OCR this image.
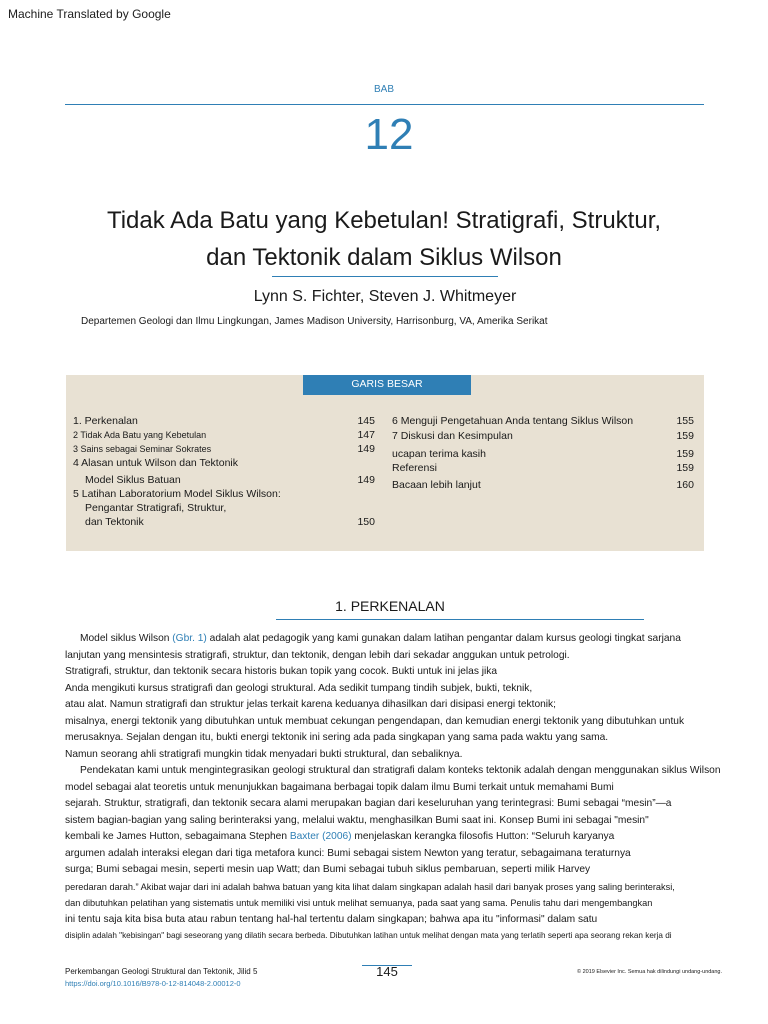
Machine Translated by Google
BAB
12
Tidak Ada Batu yang Kebetulan! Stratigrafi, Struktur,
dan Tektonik dalam Siklus Wilson
Lynn S. Fichter, Steven J. Whitmeyer
Departemen Geologi dan Ilmu Lingkungan, James Madison University, Harrisonburg, VA, Amerika Serikat
GARIS BESAR
1. Perkenalan	145
2 Tidak Ada Batu yang Kebetulan	147
3 Sains sebagai Seminar Sokrates	149
4 Alasan untuk Wilson dan Tektonik
Model Siklus Batuan	149
5 Latihan Laboratorium Model Siklus Wilson:
Pengantar Stratigrafi, Struktur,
dan Tektonik	150
6 Menguji Pengetahuan Anda tentang Siklus Wilson	155
7 Diskusi dan Kesimpulan	159
ucapan terima kasih	159
Referensi	159
Bacaan lebih lanjut	160
1. PERKENALAN
Model siklus Wilson (Gbr. 1) adalah alat pedagogik yang kami gunakan dalam latihan pengantar dalam kursus geologi tingkat sarjana
lanjutan yang mensintesis stratigrafi, struktur, dan tektonik, dengan lebih dari sekadar anggukan untuk petrologi.
Stratigrafi, struktur, dan tektonik secara historis bukan topik yang cocok. Bukti untuk ini jelas jika
Anda mengikuti kursus stratigrafi dan geologi struktural. Ada sedikit tumpang tindih subjek, bukti, teknik,
atau alat. Namun stratigrafi dan struktur jelas terkait karena keduanya dihasilkan dari disipasi energi tektonik;
misalnya, energi tektonik yang dibutuhkan untuk membuat cekungan pengendapan, dan kemudian energi tektonik yang dibutuhkan untuk
merusaknya. Sejalan dengan itu, bukti energi tektonik ini sering ada pada singkapan yang sama pada waktu yang sama.
Namun seorang ahli stratigrafi mungkin tidak menyadari bukti struktural, dan sebaliknya.
Pendekatan kami untuk mengintegrasikan geologi struktural dan stratigrafi dalam konteks tektonik adalah dengan menggunakan siklus Wilson
model sebagai alat teoretis untuk menunjukkan bagaimana berbagai topik dalam ilmu Bumi terkait untuk memahami Bumi
sejarah. Struktur, stratigrafi, dan tektonik secara alami merupakan bagian dari keseluruhan yang terintegrasi: Bumi sebagai “mesin”—a
sistem bagian-bagian yang saling berinteraksi yang, melalui waktu, menghasilkan Bumi saat ini. Konsep Bumi ini sebagai "mesin"
kembali ke James Hutton, sebagaimana Stephen Baxter (2006) menjelaskan kerangka filosofis Hutton: “Seluruh karyanya
argumen adalah interaksi elegan dari tiga metafora kunci: Bumi sebagai sistem Newton yang teratur, sebagaimana teraturnya
surga; Bumi sebagai mesin, seperti mesin uap Watt; dan Bumi sebagai tubuh siklus pembaruan, seperti milik Harvey
peredaran darah.” Akibat wajar dari ini adalah bahwa batuan yang kita lihat dalam singkapan adalah hasil dari banyak proses yang saling berinteraksi,
dan dibutuhkan pelatihan yang sistematis untuk memiliki visi untuk melihat semuanya, pada saat yang sama. Penulis tahu dari mengembangkan
ini tentu saja kita bisa buta atau rabun tentang hal-hal tertentu dalam singkapan; bahwa apa itu "informasi" dalam satu
disiplin adalah "kebisingan" bagi seseorang yang dilatih secara berbeda. Dibutuhkan latihan untuk melihat dengan mata yang terlatih seperti apa seorang rekan kerja di
Perkembangan Geologi Struktural dan Tektonik, Jilid 5
https://doi.org/10.1016/B978-0-12-814048-2.00012-0
145	© 2019 Elsevier Inc. Semua hak dilindungi undang-undang.
